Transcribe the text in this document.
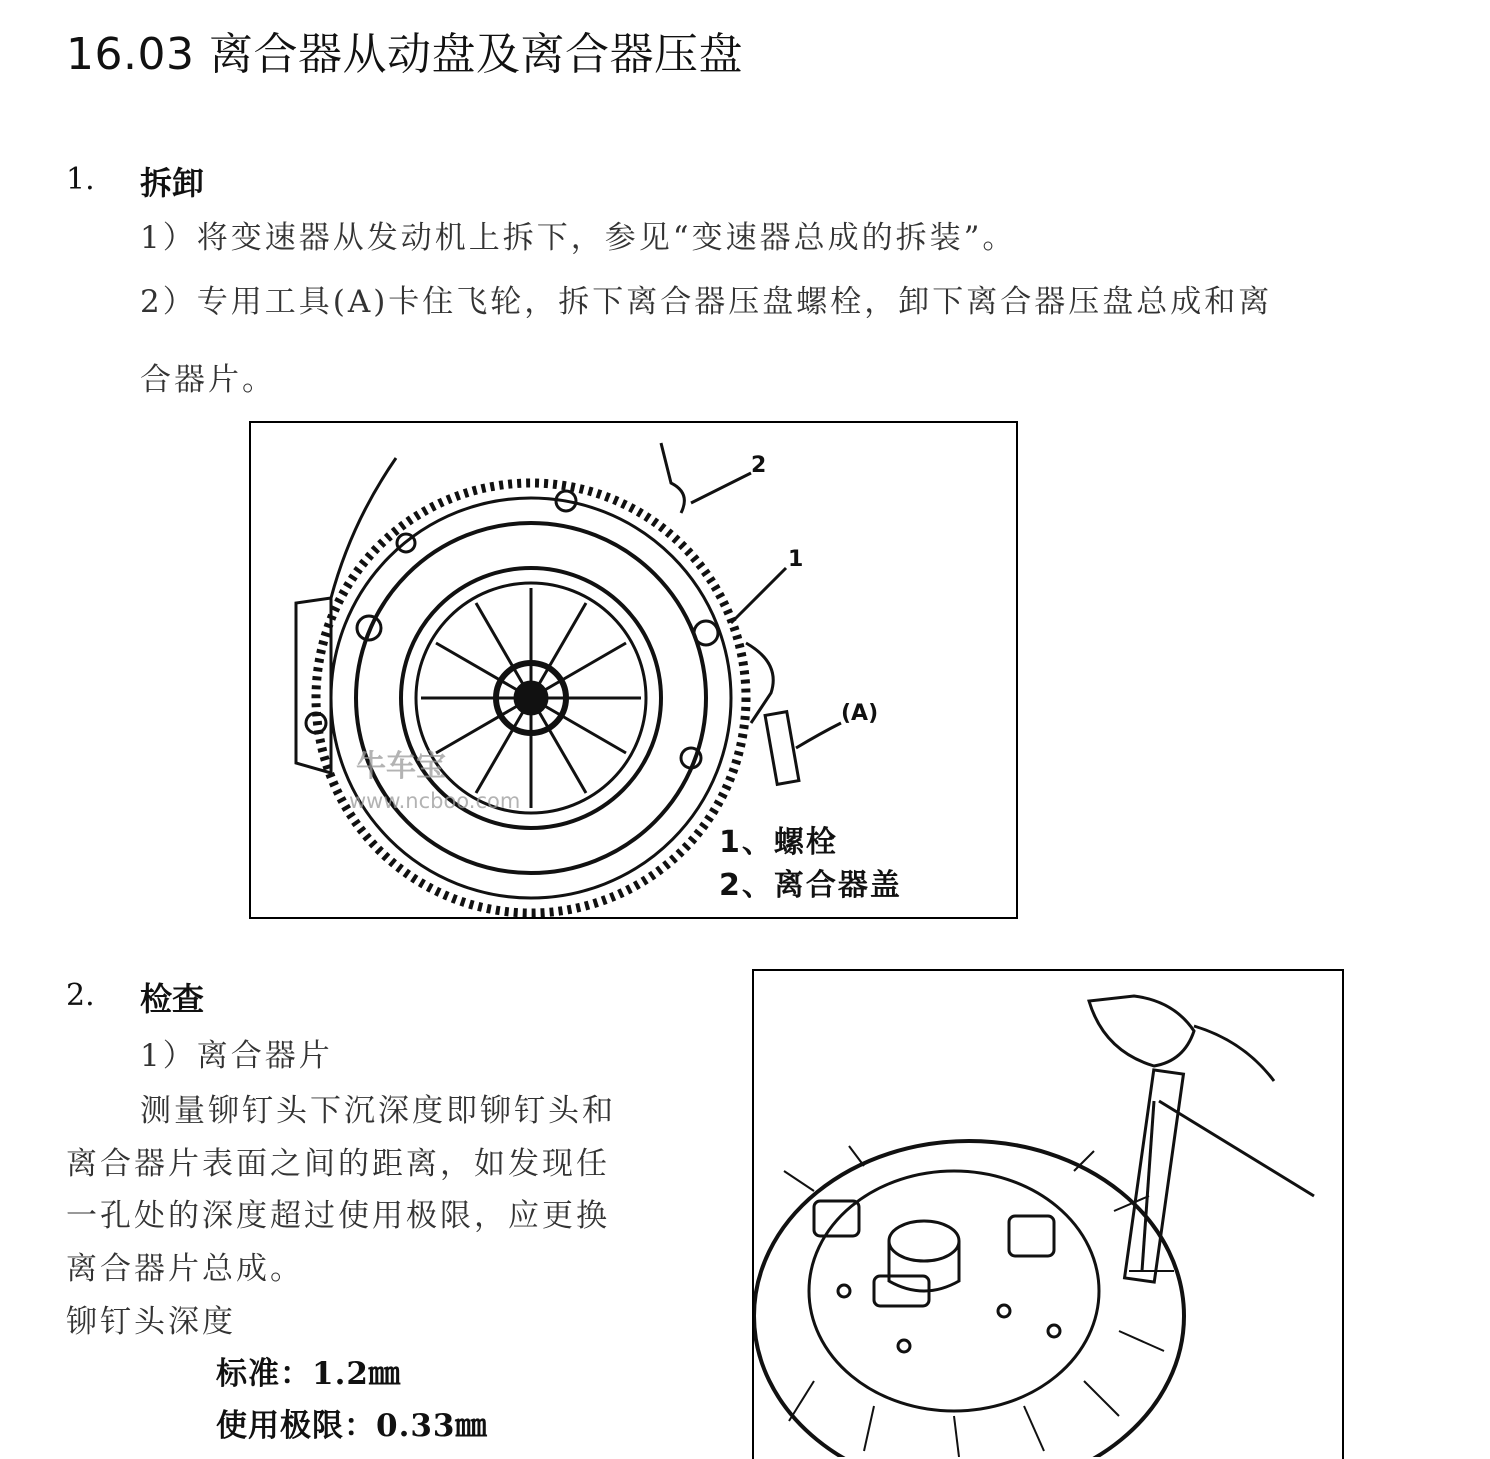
16.03 离合器从动盘及离合器压盘
1. 拆卸
1）将变速器从发动机上拆下，参见“变速器总成的拆装”。
2）专用工具(A)卡住飞轮，拆下离合器压盘螺栓，卸下离合器压盘总成和离
合器片。
2
1
(A)
1、螺栓
2、离合器盖
牛车宝
www.ncboo.com
2. 检查
1）离合器片
测量铆钉头下沉深度即铆钉头和
离合器片表面之间的距离，如发现任
一孔处的深度超过使用极限，应更换
离合器片总成。
铆钉头深度
标准：1.2㎜
使用极限：0.33㎜
